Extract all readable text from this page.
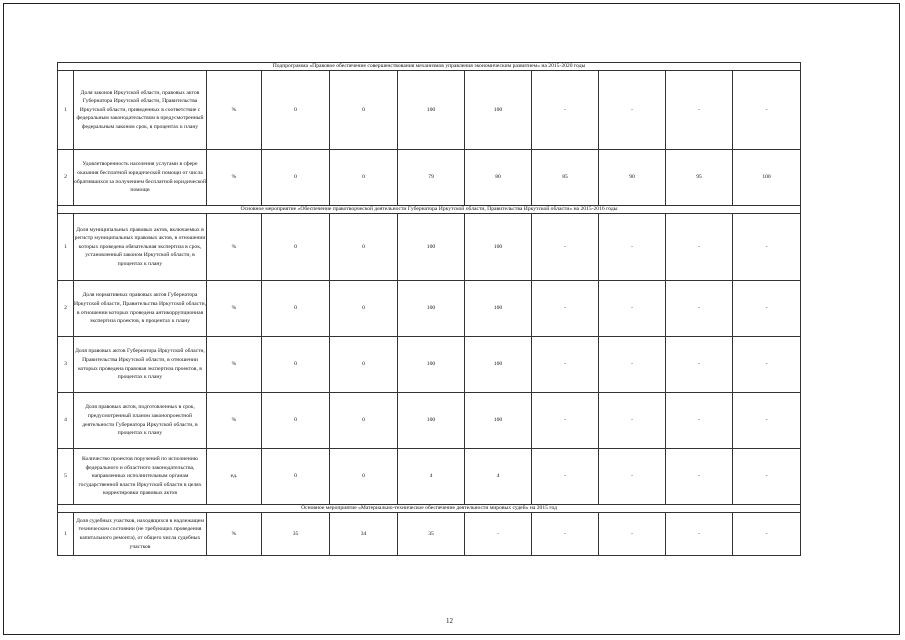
Подпрограмма «Правовое обеспечение совершенствования механизмов управления экономическим развитием» на 2015-2020 годы										
1	Доля законов Иркутской области, правовых актов Губернатора Иркутской области, Правительства Иркутской области, приведенных в соответствие с федеральным законодательством в предусмотренный федеральным законом срок, в процентах к плану	%	0	0	100	100	-	-	-	-
2	Удовлетворенность населения услугами в сфере оказания бесплатной юридической помощи от числа обратившихся за получением бесплатной юридической помощи	%	0	0	79	80	85	90	95	100
Основное мероприятие «Обеспечение правотворческой деятельности Губернатора Иркутской области, Правительства Иркутской области» на 2015-2016 годы										
1	Доля муниципальных правовых актов, включаемых в регистр муниципальных правовых актов, в отношении которых проведена обязательная экспертиза в срок, установленный законом Иркутской области, в процентах к плану	%	0	0	100	100	-	-	-	-
2	Доля нормативных правовых актов Губернатора Иркутской области, Правительства Иркутской области, в отношении которых проведена антикоррупционная экспертиза проектов, в процентах к плану	%	0	0	100	100	-	-	-	-
3	Доля правовых актов Губернатора Иркутской области, Правительства Иркутской области, в отношении которых проведена правовая экспертиза проектов, в процентах к плану	%	0	0	100	100	-	-	-	-
4	Доля правовых актов, подготовленных в срок, предусмотренный планом законопроектной деятельности Губернатора Иркутской области, в процентах к плану	%	0	0	100	100	-	-	-	-
5	Количество проектов поручений по исполнению федерального и областного законодательства, направленных исполнительным органам государственной власти Иркутской области в целях корректировки правовых актов	ед.	0	0	4	4	-	-	-	-
Основное мероприятие «Материально-техническое обеспечение деятельности мировых судей» на 2015 год										
1	Доля судебных участков, находящихся в надлежащем техническом состоянии (не требующих проведения капитального ремонта), от общего числа судебных участков	%	35	34	35	-	-	-	-	-
12
